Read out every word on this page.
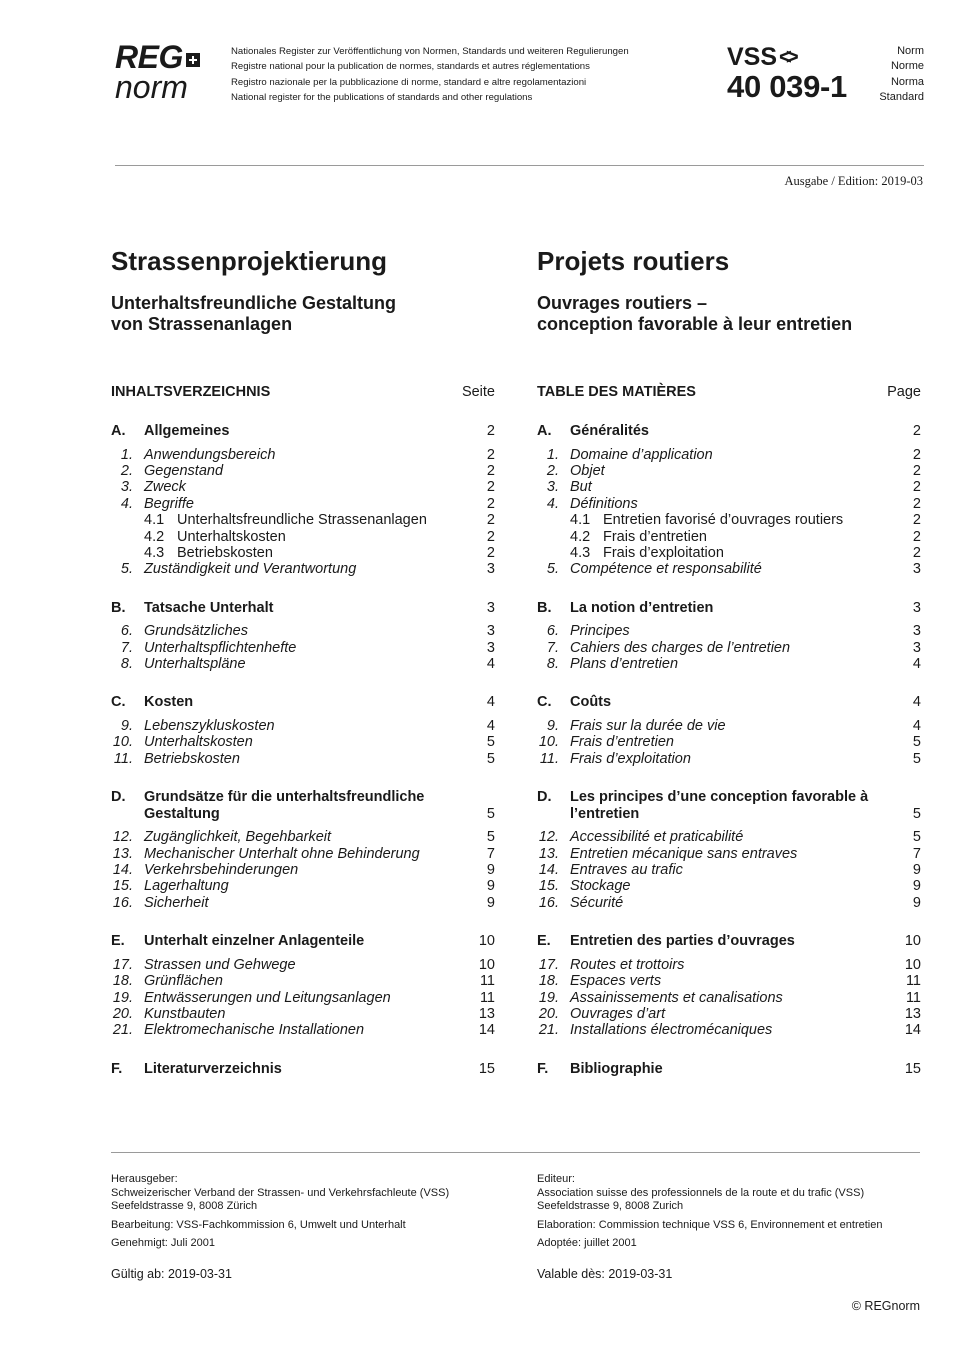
REG
norm
Nationales Register zur Veröffentlichung von Normen, Standards und weiteren Regulierungen
Registre national pour la publication de normes, standards et autres réglementations
Registro nazionale per la pubblicazione di norme, standard e altre regolamentazioni
National register for the publications of standards and other regulations
VSS <>
40 039-1
Norm
Norme
Norma
Standard
Ausgabe / Edition: 2019-03
Strassenprojektierung
Unterhaltsfreundliche Gestaltung
von Strassenanlagen
INHALTSVERZEICHNIS	Seite
A.	Allgemeines	2
1. Anwendungsbereich	2
2. Gegenstand	2
3. Zweck	2
4. Begriffe	2
4.1 Unterhaltsfreundliche Strassenanlagen	2
4.2 Unterhaltskosten	2
4.3 Betriebskosten	2
5. Zuständigkeit und Verantwortung	3
B.	Tatsache Unterhalt	3
6. Grundsätzliches	3
7. Unterhaltspflichtenhefte	3
8. Unterhaltspläne	4
C.	Kosten	4
9. Lebenszykluskosten	4
10. Unterhaltskosten	5
11. Betriebskosten	5
D.	Grundsätze für die unterhaltsfreundliche Gestaltung	5
12. Zugänglichkeit, Begehbarkeit	5
13. Mechanischer Unterhalt ohne Behinderung	7
14. Verkehrsbehinderungen	9
15. Lagerhaltung	9
16. Sicherheit	9
E.	Unterhalt einzelner Anlagenteile	10
17. Strassen und Gehwege	10
18. Grünflächen	11
19. Entwässerungen und Leitungsanlagen	11
20. Kunstbauten	13
21. Elektromechanische Installationen	14
F.	Literaturverzeichnis	15
Projets routiers
Ouvrages routiers –
conception favorable à leur entretien
TABLE DES MATIÈRES	Page
A.	Généralités	2
1. Domaine d’application	2
2. Objet	2
3. But	2
4. Définitions	2
4.1 Entretien favorisé d’ouvrages routiers	2
4.2 Frais d’entretien	2
4.3 Frais d’exploitation	2
5. Compétence et responsabilité	3
B.	La notion d’entretien	3
6. Principes	3
7. Cahiers des charges de l’entretien	3
8. Plans d’entretien	4
C.	Coûts	4
9. Frais sur la durée de vie	4
10. Frais d’entretien	5
11. Frais d’exploitation	5
D.	Les principes d’une conception favorable à l’entretien	5
12. Accessibilité et praticabilité	5
13. Entretien mécanique sans entraves	7
14. Entraves au trafic	9
15. Stockage	9
16. Sécurité	9
E.	Entretien des parties d’ouvrages	10
17. Routes et trottoirs	10
18. Espaces verts	11
19. Assainissements et canalisations	11
20. Ouvrages d’art	13
21. Installations électromécaniques	14
F.	Bibliographie	15

Herausgeber:

Schweizerischer Verband der Strassen- und Verkehrsfachleute (VSS)

Seefeldstrasse 9, 8008 Zürich

Bearbeitung: VSS-Fachkommission 6, Umwelt und Unterhalt

Genehmigt: Juli 2001

Gültig ab: 2019-03-31

Editeur:

Association suisse des professionnels de la route et du trafic (VSS)

Seefeldstrasse 9, 8008 Zurich

Elaboration: Commission technique VSS 6, Environnement et entretien

Adoptée: juillet 2001

Valable dès: 2019-03-31

© REGnorm
